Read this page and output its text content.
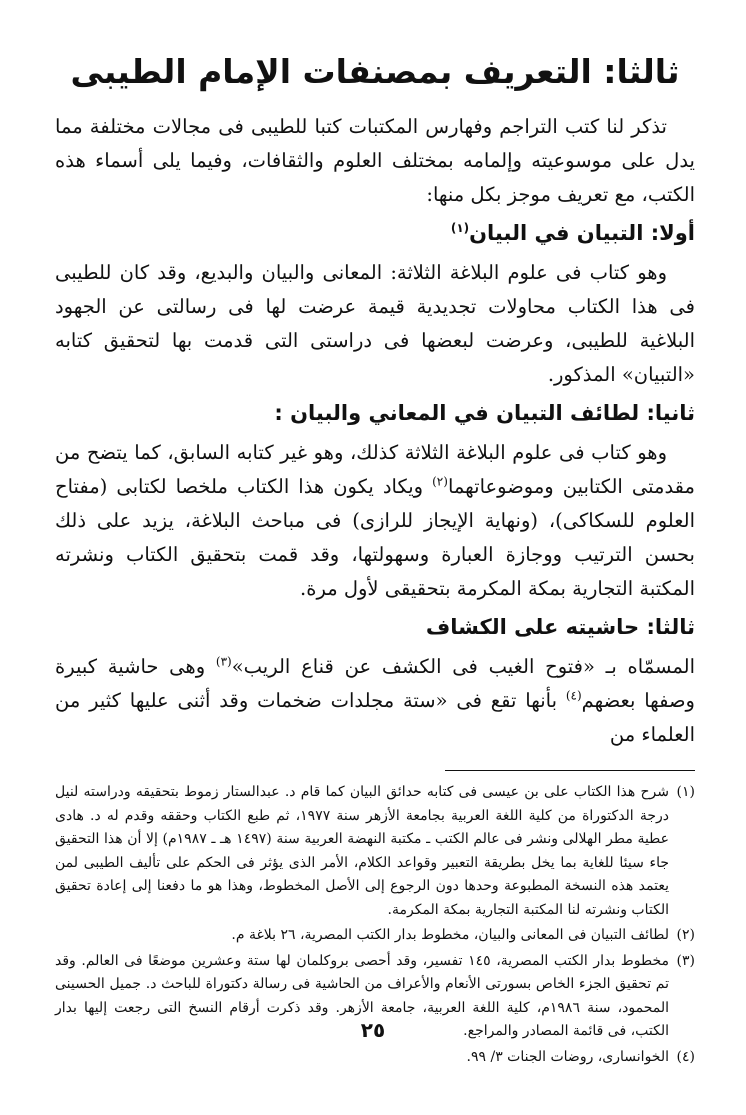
ثالثا: التعريف بمصنفات الإمام الطيبى

تذكر لنا كتب التراجم وفهارس المكتبات كتبا للطيبى فى مجالات مختلفة مما يدل على موسوعيته وإلمامه بمختلف العلوم والثقافات، وفيما يلى أسماء هذه الكتب، مع تعريف موجز بكل منها:

أولا: التبيان في البيان$^{(١)}$

وهو كتاب فى علوم البلاغة الثلاثة: المعانى والبيان والبديع، وقد كان للطيبى فى هذا الكتاب محاولات تجديدية قيمة عرضت لها فى رسالتى عن الجهود البلاغية للطيبى، وعرضت لبعضها فى دراستى التى قدمت بها لتحقيق كتابه «التبيان» المذكور.

ثانيا: لطائف التبيان في المعاني والبيان :

وهو كتاب فى علوم البلاغة الثلاثة كذلك، وهو غير كتابه السابق، كما يتضح من مقدمتى الكتابين وموضوعاتهما$^{(٢)}$ ويكاد يكون هذا الكتاب ملخصا لكتابى (مفتاح العلوم للسكاكى)، (ونهاية الإيجاز للرازى) فى مباحث البلاغة، يزيد على ذلك بحسن الترتيب ووجازة العبارة وسهولتها، وقد قمت بتحقيق الكتاب ونشرته المكتبة التجارية بمكة المكرمة بتحقيقى لأول مرة.

ثالثا: حاشيته على الكشاف

المسمّاه بـ «فتوح الغيب فى الكشف عن قناع الريب»$^{(٣)}$ وهى حاشية كبيرة وصفها بعضهم$^{(٤)}$ بأنها تقع فى «ستة مجلدات ضخمات وقد أثنى عليها كثير من العلماء من

(١)
شرح هذا الكتاب على بن عيسى فى كتابه حدائق البيان كما قام د. عبدالستار زموط بتحقيقه ودراسته لنيل درجة الدكتوراة من كلية اللغة العربية بجامعة الأزهر سنة ١٩٧٧، ثم طبع الكتاب وحققه وقدم له د. هادى عطية مطر الهلالى ونشر فى عالم الكتب ـ مكتبة النهضة العربية سنة (١٤٩٧ هـ ـ ١٩٨٧م) إلا أن هذا التحقيق جاء سيئا للغاية بما يخل بطريقة التعبير وقواعد الكلام، الأمر الذى يؤثر فى الحكم على تأليف الطيبى لمن يعتمد هذه النسخة المطبوعة وحدها دون الرجوع إلى الأصل المخطوط، وهذا هو ما دفعنا إلى إعادة تحقيق الكتاب ونشرته لنا المكتبة التجارية بمكة المكرمة.

(٢)
لطائف التبيان فى المعانى والبيان، مخطوط بدار الكتب المصرية، ٢٦ بلاغة م.

(٣)
مخطوط بدار الكتب المصرية، ١٤٥ تفسير، وقد أحصى بروكلمان لها ستة وعشرين موضعًا فى العالم. وقد تم تحقيق الجزء الخاص بسورتى الأنعام والأعراف من الحاشية فى رسالة دكتوراة للباحث د. جميل الحسينى المحمود، سنة ١٩٨٦م، كلية اللغة العربية، جامعة الأزهر. وقد ذكرت أرقام النسخ التى رجعت إليها بدار الكتب، فى قائمة المصادر والمراجع.

(٤)
الخوانسارى، روضات الجنات ٣/ ٩٩.

٢٥
